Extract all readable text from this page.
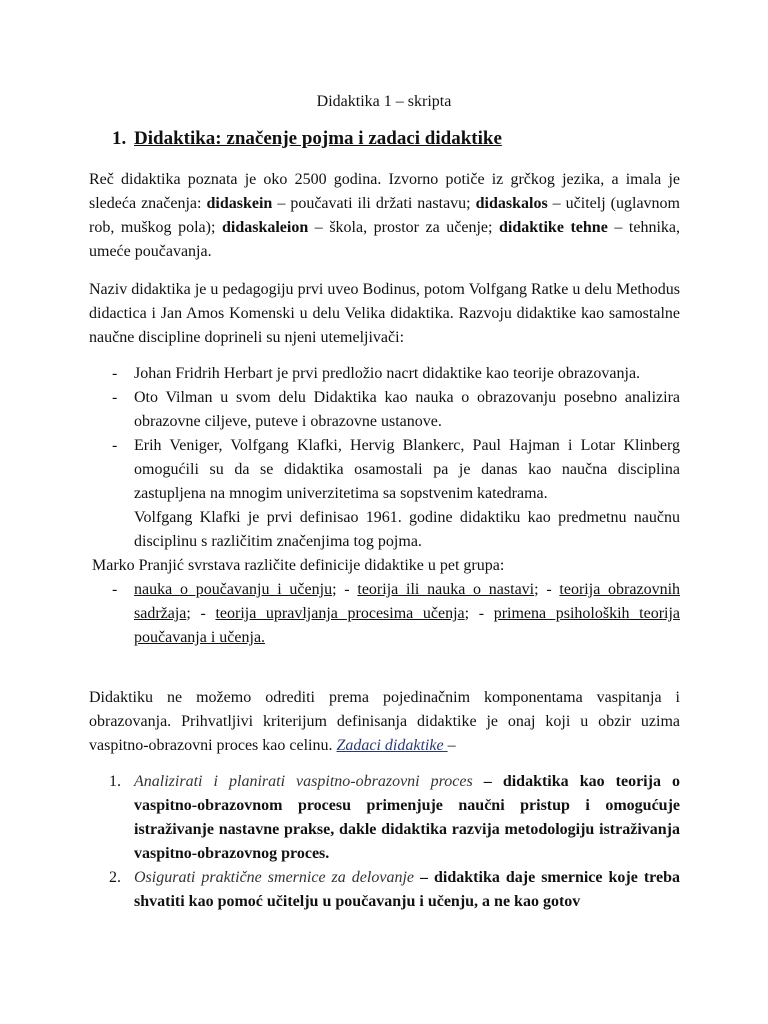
Didaktika 1 – skripta
1. Didaktika: značenje pojma i zadaci didaktike
Reč didaktika poznata je oko 2500 godina. Izvorno potiče iz grčkog jezika, a imala je sledeća značenja: didaskein – poučavati ili držati nastavu; didaskalos – učitelj (uglavnom rob, muškog pola); didaskaleion – škola, prostor za učenje; didaktike tehne – tehnika, umeće poučavanja.
Naziv didaktika je u pedagogiju prvi uveo Bodinus, potom Volfgang Ratke u delu Methodus didactica i Jan Amos Komenski u delu Velika didaktika. Razvoju didaktike kao samostalne naučne discipline doprineli su njeni utemeljivači:
- Johan Fridrih Herbart je prvi predložio nacrt didaktike kao teorije obrazovanja.
- Oto Vilman u svom delu Didaktika kao nauka o obrazovanju posebno analizira obrazovne ciljeve, puteve i obrazovne ustanove.
- Erih Veniger, Volfgang Klafki, Hervig Blankerc, Paul Hajman i Lotar Klinberg omogućili su da se didaktika osamostali pa je danas kao naučna disciplina zastupljena na mnogim univerzitetima sa sopstvenim katedrama.
Volfgang Klafki je prvi definisao 1961. godine didaktiku kao predmetnu naučnu disciplinu s različitim značenjima tog pojma.
Marko Pranjić svrstava različite definicije didaktike u pet grupa:
- nauka o poučavanju i učenju; - teorija ili nauka o nastavi; - teorija obrazovnih sadržaja; - teorija upravljanja procesima učenja; - primena psiholoških teorija poučavanja i učenja.
Didaktiku ne možemo odrediti prema pojedinačnim komponentama vaspitanja i obrazovanja. Prihvatljivi kriterijum definisanja didaktike je onaj koji u obzir uzima vaspitno-obrazovni proces kao celinu. Zadaci didaktike –
1. Analizirati i planirati vaspitno-obrazovni proces – didaktika kao teorija o vaspitno-obrazovnom procesu primenjuje naučni pristup i omogućuje istraživanje nastavne prakse, dakle didaktika razvija metodologiju istraživanja vaspitno-obrazovnog proces.
2. Osigurati praktične smernice za delovanje – didaktika daje smernice koje treba shvatiti kao pomoć učitelju u poučavanju i učenju, a ne kao gotov
